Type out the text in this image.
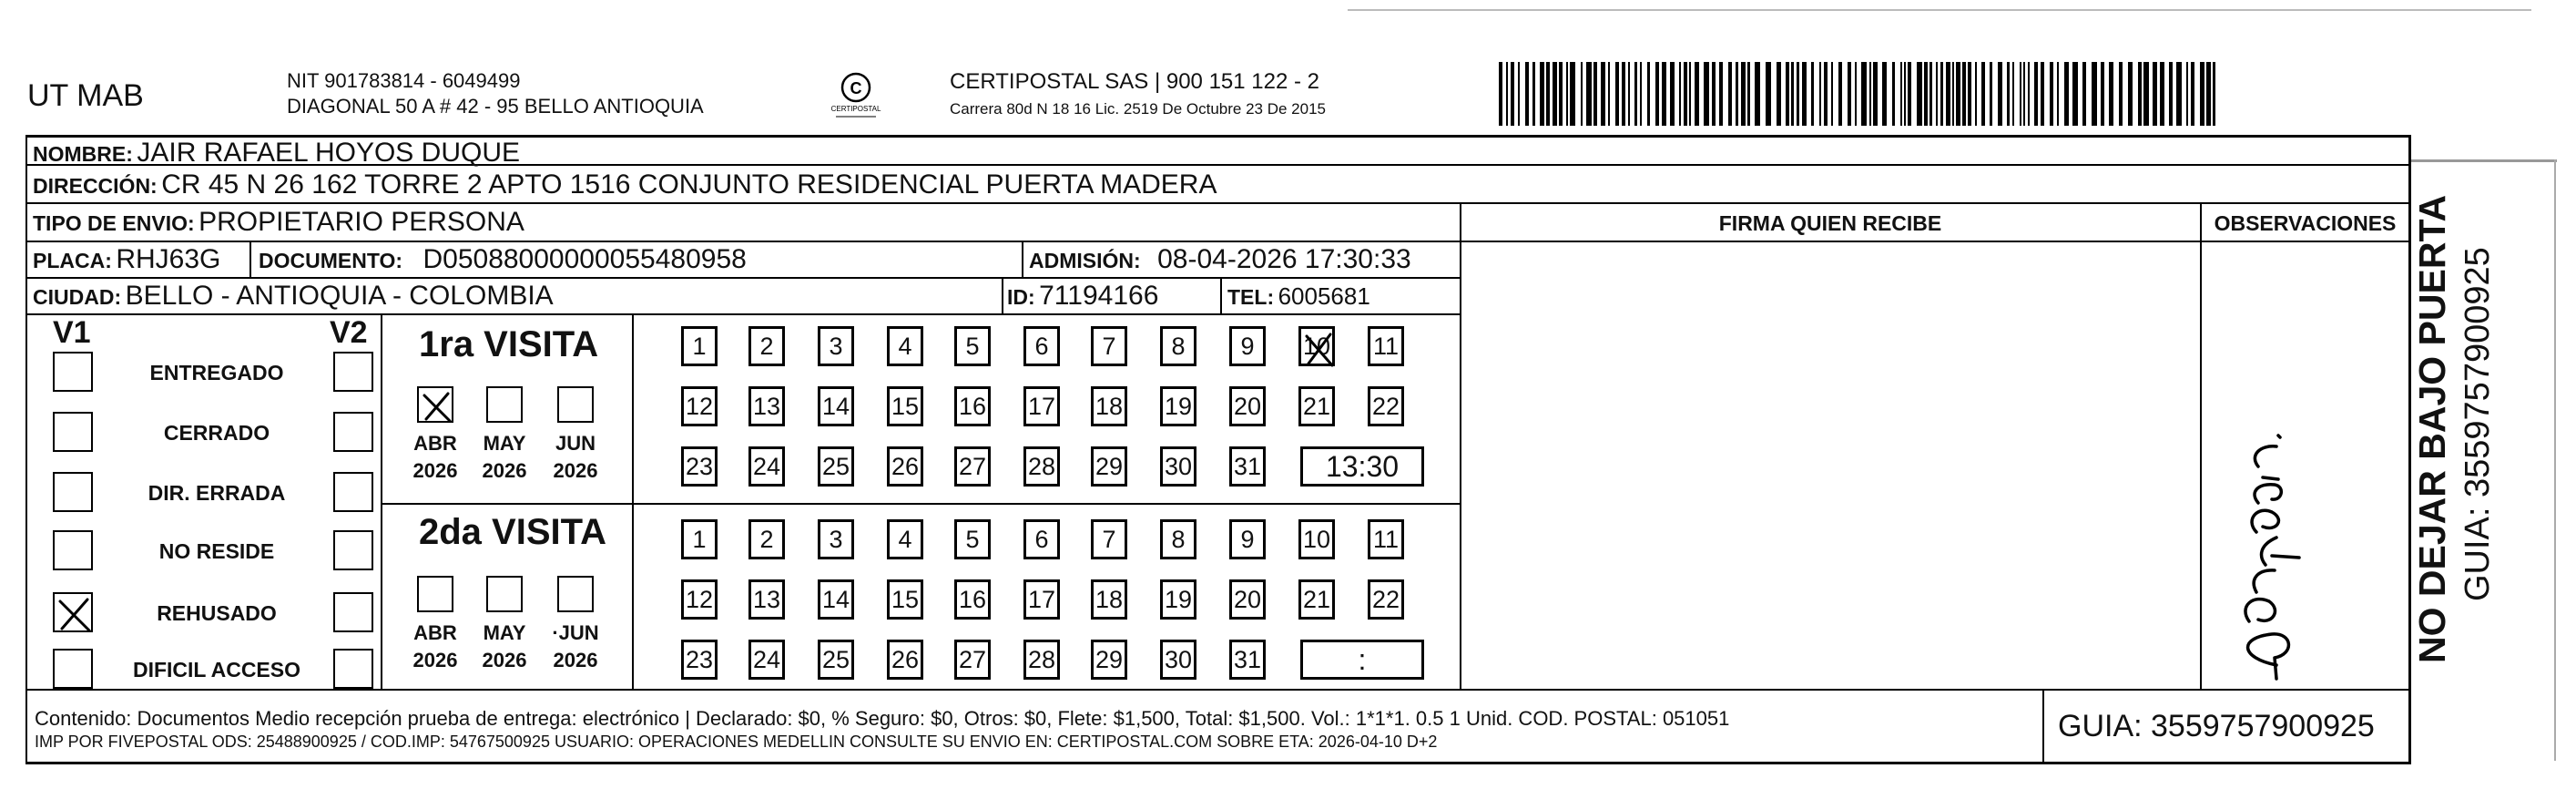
UT MAB	NIT 901783814 - 6049499
DIAGONAL 50 A # 42 - 95 BELLO ANTIOQUIA
C
CERTIPOSTAL
CERTIPOSTAL SAS | 900 151 122 - 2
Carrera 80d N 18 16 Lic. 2519 De Octubre 23 De 2015
NOMBRE: JAIR RAFAEL HOYOS DUQUE
DIRECCIÓN: CR 45 N 26 162 TORRE 2 APTO 1516 CONJUNTO RESIDENCIAL PUERTA MADERA
TIPO DE ENVIO: PROPIETARIO PERSONA	FIRMA QUIEN RECIBE	OBSERVACIONES
PLACA: RHJ63G DOCUMENTO: D05088000000055480958	ADMISIÓN: 08-04-2026 17:30:33
CIUDAD: BELLO - ANTIOQUIA - COLOMBIA	ID: 71194166	TEL: 6005681
V1	V2
ENTREGADO
CERRADO
DIR. ERRADA
NO RESIDE
REHUSADO
DIFICIL ACCESO
1ra VISITA
2da VISITA
ABR
2026
MAY
2026
JUN
2026
ABR
2026
MAY
2026
·JUN
2026
1	2	3	4	5	6	7	8	9	10 11
12 13 14 15 16 17 18 19 20 21 22
23 24 25 26 27 28 29 30 31	13:30
1	2	3	4	5	6	7	8	9	10 11
12 13 14 15 16 17 18 19 20 21 22
23 24 25 26 27 28 29 30 31	:
Contenido: Documentos Medio recepción prueba de entrega: electrónico | Declarado: $0, % Seguro: $0, Otros: $0, Flete: $1,500, Total: $1,500. Vol.: 1*1*1. 0.5 1 Unid. COD. POSTAL: 051051
IMP POR FIVEPOSTAL ODS: 25488900925 / COD.IMP: 54767500925 USUARIO: OPERACIONES MEDELLIN CONSULTE SU ENVIO EN: CERTIPOSTAL.COM SOBRE ETA: 2026-04-10 D+2	GUIA: 3559757900925
NO DEJAR BAJO PUERTA GUIA: 3559757900925
